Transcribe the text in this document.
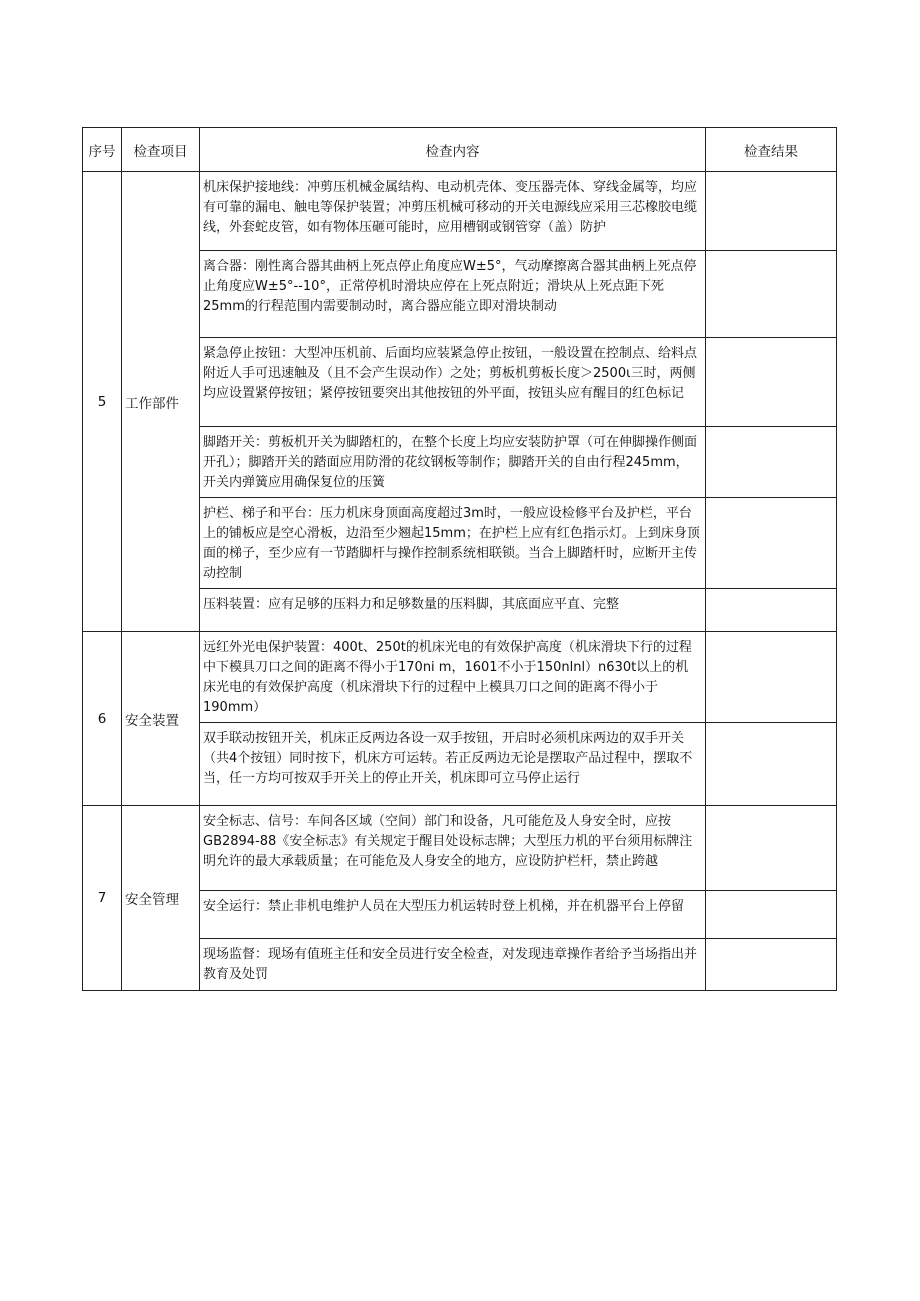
序号	检查项目	检查内容	检查结果
5	工作部件	机床保护接地线：冲剪压机械金属结构、电动机壳体、变压器壳体、穿线金属等，均应有可靠的漏电、触电等保护装置；冲剪压机械可移动的开关电源线应采用三芯橡胶电缆线，外套蛇皮管，如有物体压砸可能时，应用槽钢或钢管穿（盖）防护	
		离合器：刚性离合器其曲柄上死点停止角度应W±5°，气动摩擦离合器其曲柄上死点停止角度应W±5°--10°，正常停机时滑块应停在上死点附近；滑块从上死点距下死25mm的行程范围内需要制动时，离合器应能立即对滑块制动	
		紧急停止按钮：大型冲压机前、后面均应装紧急停止按钮，一般设置在控制点、给料点附近人手可迅速触及（且不会产生误动作）之处；剪板机剪板长度＞2500ι三时，两侧均应设置紧停按钮；紧停按钮要突出其他按钮的外平面，按钮头应有醒目的红色标记	
		脚踏开关：剪板机开关为脚踏杠的，在整个长度上均应安装防护罩（可在伸脚操作侧面开孔）；脚踏开关的踏面应用防滑的花纹钢板等制作；脚踏开关的自由行程245mm，开关内弹簧应用确保复位的压簧	
		护栏、梯子和平台：压力机床身顶面高度超过3m时，一般应设检修平台及护栏，平台上的铺板应是空心滑板，边沿至少翘起15mm；在护栏上应有红色指示灯。上到床身顶面的梯子，至少应有一节踏脚杆与操作控制系统相联锁。当合上脚踏杆时，应断开主传动控制	
		压料装置：应有足够的压料力和足够数量的压料脚，其底面应平直、完整	
6	安全装置	远红外光电保护装置：400t、250t的机床光电的有效保护高度（机床滑块下行的过程中下模具刀口之间的距离不得小于170ni m，1601不小于150nlnl）n630t以上的机床光电的有效保护高度（机床滑块下行的过程中上模具刀口之间的距离不得小于190mm）	
		双手联动按钮开关，机床正反两边各设一双手按钮，开启时必须机床两边的双手开关（共4个按钮）同时按下，机床方可运转。若正反两边无论是摆取产品过程中，摆取不当，任一方均可按双手开关上的停止开关，机床即可立马停止运行	
7	安全管理	安全标志、信号：车间各区域（空间）部门和设备，凡可能危及人身安全时，应按GB2894-88《安全标志》有关规定于醒目处设标志牌；大型压力机的平台须用标牌注明允许的最大承载质量；在可能危及人身安全的地方，应设防护栏杆，禁止跨越	
		安全运行：禁止非机电维护人员在大型压力机运转时登上机梯，并在机器平台上停留	
		现场监督：现场有值班主任和安全员进行安全检查，对发现违章操作者给予当场指出并教育及处罚	
